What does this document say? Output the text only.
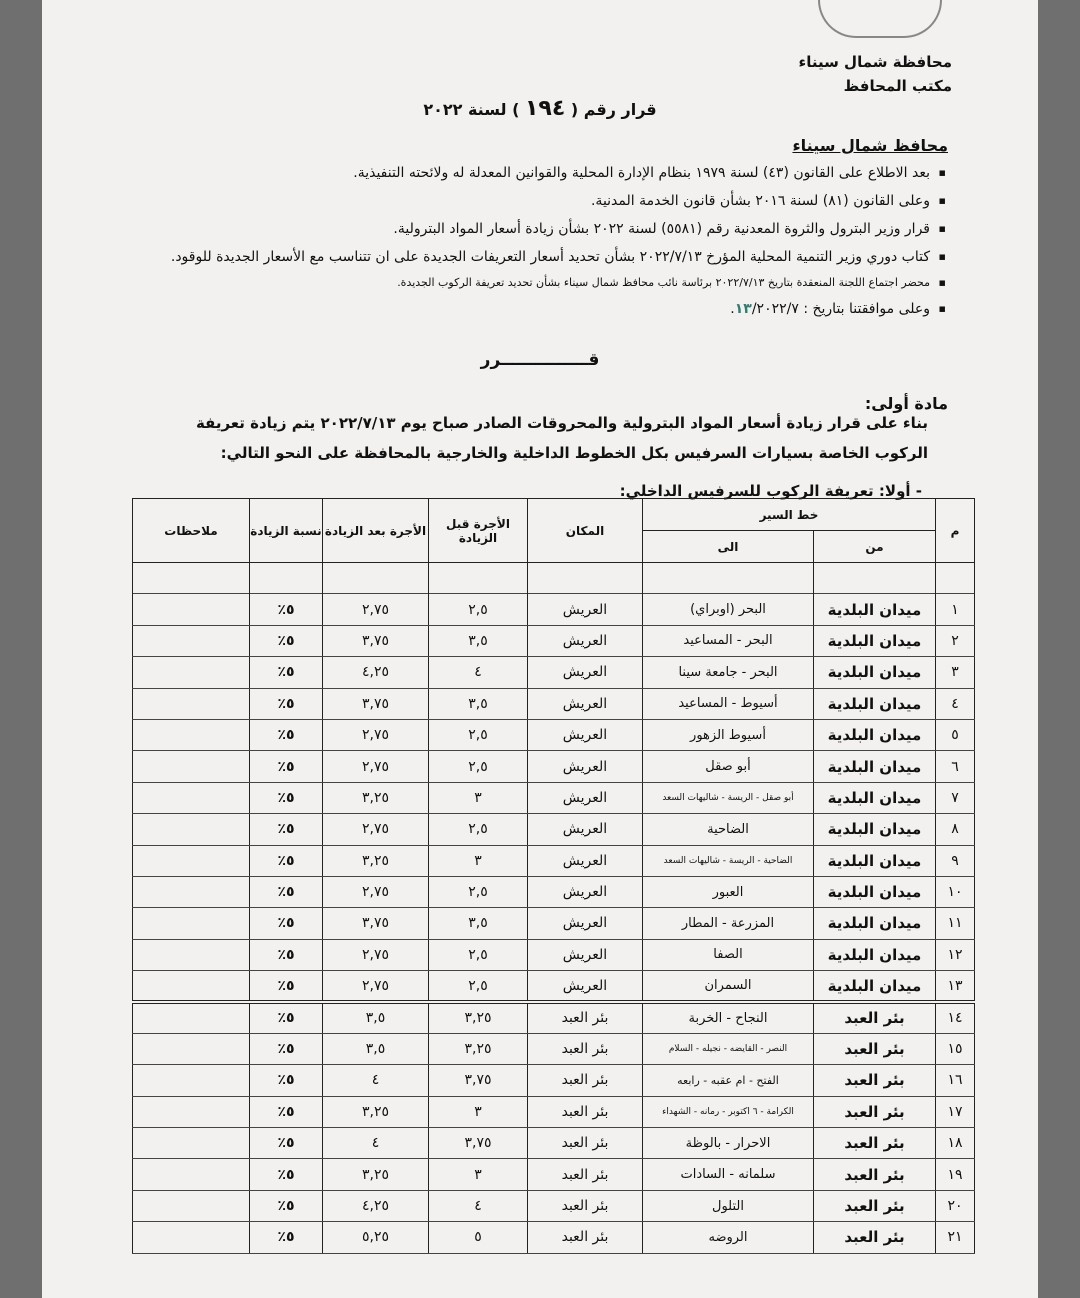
محافظة شمال سيناء
مكتب المحافظ
قرار رقم ( ١٩٤ ) لسنة ٢٠٢٢
محافظ شمال سيناء
▪ بعد الاطلاع على القانون (٤٣) لسنة ١٩٧٩ بنظام الإدارة المحلية والقوانين المعدلة له ولائحته التنفيذية.
▪ وعلى القانون (٨١) لسنة ٢٠١٦ بشأن قانون الخدمة المدنية.
▪ قرار وزير البترول والثروة المعدنية رقم (٥٥٨١) لسنة ٢٠٢٢ بشأن زيادة أسعار المواد البترولية.
▪ كتاب دوري وزير التنمية المحلية المؤرخ ٢٠٢٢/٧/١٣ بشأن تحديد أسعار التعريفات الجديدة على ان تتناسب مع الأسعار الجديدة للوقود.
▪ محضر اجتماع اللجنة المنعقدة بتاريخ ٢٠٢٢/٧/١٣ برئاسة نائب محافظ شمال سيناء بشأن تحديد تعريفة الركوب الجديدة.
▪ وعلى موافقتنا بتاريخ : ١٣/٢٠٢٢/٧.
قـــــــــــــــرر
مادة أولى:
بناء على قرار زيادة أسعار المواد البترولية والمحروقات الصادر صباح يوم ٢٠٢٢/٧/١٣ يتم زيادة تعريفة الركوب الخاصة بسيارات السرفيس بكل الخطوط الداخلية والخارجية بالمحافظة على النحو التالي:
- أولا: تعريفة الركوب للسرفيس الداخلي:
م	خط السير		المكان	الأجرة قبل الزيادة	الأجرة بعد الزيادة	نسبة الزيادة	ملاحظات
	من	الى					

١	ميدان البلدية	البحر (اوبراي)	العريش	٢,٥	٢,٧٥	٥٪	
٢	ميدان البلدية	البحر - المساعيد	العريش	٣,٥	٣,٧٥	٥٪	
٣	ميدان البلدية	البحر - جامعة سينا	العريش	٤	٤,٢٥	٥٪	
٤	ميدان البلدية	أسيوط - المساعيد	العريش	٣,٥	٣,٧٥	٥٪	
٥	ميدان البلدية	أسيوط الزهور	العريش	٢,٥	٢,٧٥	٥٪	
٦	ميدان البلدية	أبو صقل	العريش	٢,٥	٢,٧٥	٥٪	
٧	ميدان البلدية	أبو صقل - الريسة - شاليهات السعد	العريش	٣	٣,٢٥	٥٪	
٨	ميدان البلدية	الضاحية	العريش	٢,٥	٢,٧٥	٥٪	
٩	ميدان البلدية	الضاحية - الريسة - شاليهات السعد	العريش	٣	٣,٢٥	٥٪	
١٠	ميدان البلدية	العبور	العريش	٢,٥	٢,٧٥	٥٪	
١١	ميدان البلدية	المزرعة - المطار	العريش	٣,٥	٣,٧٥	٥٪	
١٢	ميدان البلدية	الصفا	العريش	٢,٥	٢,٧٥	٥٪	
١٣	ميدان البلدية	السمران	العريش	٢,٥	٢,٧٥	٥٪	
١٤	بئر العبد	النجاح - الخربة	بئر العبد	٣,٢٥	٣,٥	٥٪	
١٥	بئر العبد	النصر - القايضه - نجيله - السلام	بئر العبد	٣,٢٥	٣,٥	٥٪	
١٦	بئر العبد	الفتح - ام عقبه - رابعه	بئر العبد	٣,٧٥	٤	٥٪	
١٧	بئر العبد	الكرامة - ٦ اكتوبر - رمانه - الشهداء	بئر العبد	٣	٣,٢٥	٥٪	
١٨	بئر العبد	الاحرار - بالوظة	بئر العبد	٣,٧٥	٤	٥٪	
١٩	بئر العبد	سلمانه - السادات	بئر العبد	٣	٣,٢٥	٥٪	
٢٠	بئر العبد	التلول	بئر العبد	٤	٤,٢٥	٥٪	
٢١	بئر العبد	الروضه	بئر العبد	٥	٥,٢٥	٥٪	
